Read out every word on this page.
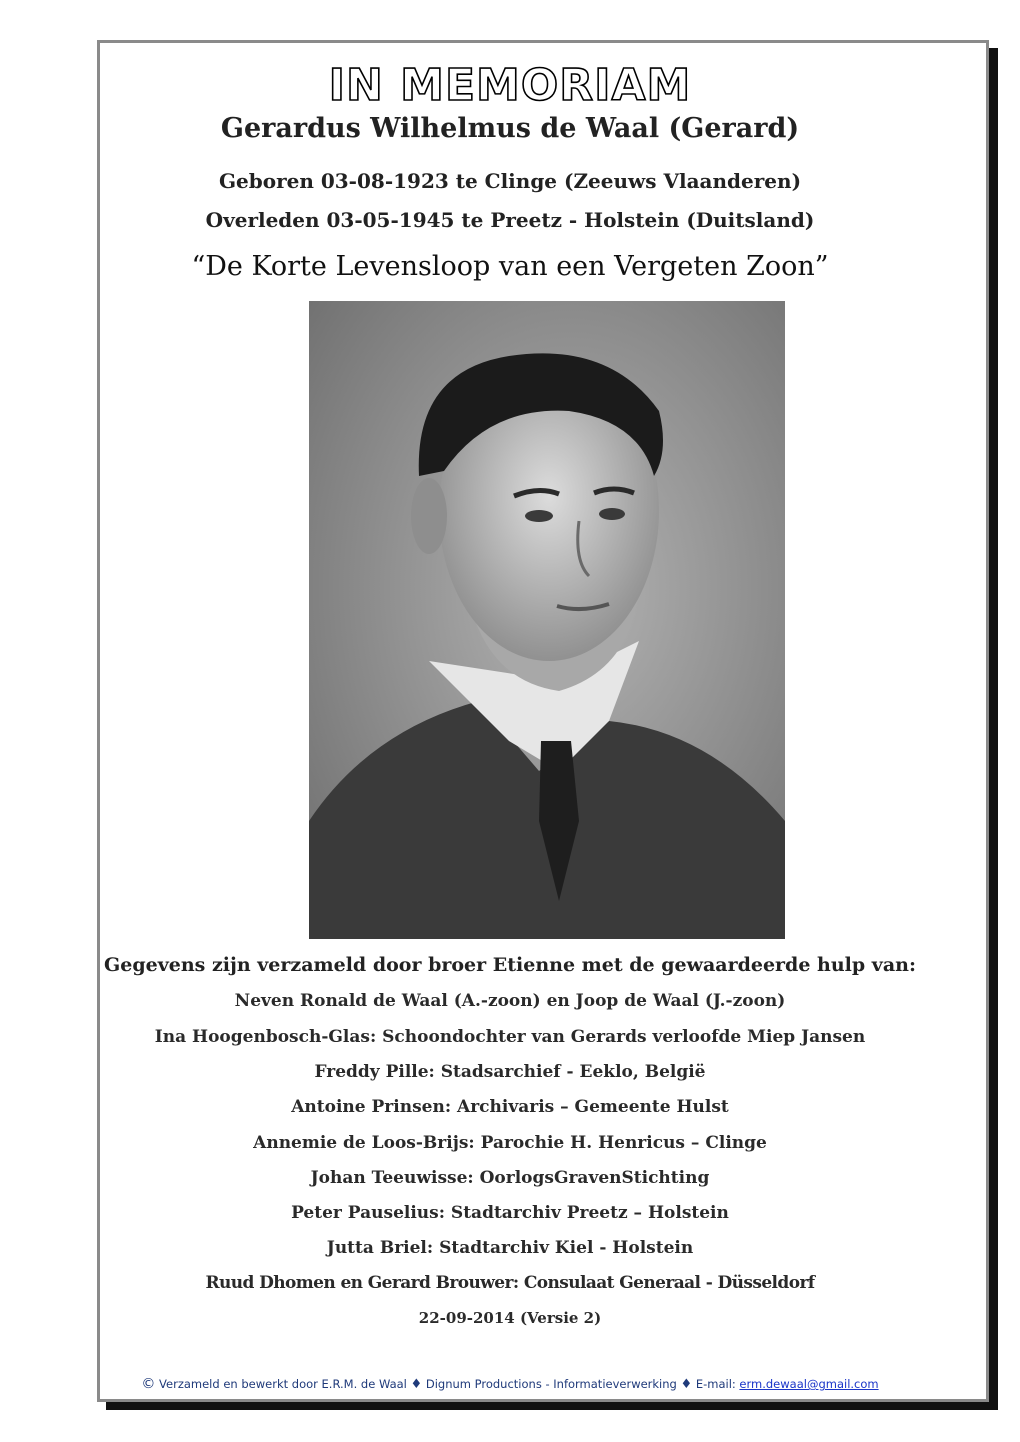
IN MEMORIAM
Gerardus Wilhelmus de Waal (Gerard)
Geboren 03-08-1923 te Clinge (Zeeuws Vlaanderen)
Overleden 03-05-1945 te Preetz - Holstein (Duitsland)
“De Korte Levensloop van een Vergeten Zoon”
Gegevens zijn verzameld door broer Etienne met de gewaardeerde hulp van:
Neven Ronald de Waal (A.-zoon) en Joop de Waal (J.-zoon)
Ina Hoogenbosch-Glas: Schoondochter van Gerards verloofde Miep Jansen
Freddy Pille: Stadsarchief - Eeklo, België
Antoine Prinsen: Archivaris – Gemeente Hulst
Annemie de Loos-Brijs: Parochie H. Henricus – Clinge
Johan Teeuwisse: OorlogsGravenStichting
Peter Pauselius: Stadtarchiv Preetz – Holstein
Jutta Briel: Stadtarchiv Kiel - Holstein
Ruud Dhomen en Gerard Brouwer: Consulaat Generaal - Düsseldorf
22-09-2014 (Versie 2)
© Verzameld en bewerkt door E.R.M. de Waal ♦ Dignum Productions - Informatieverwerking ♦ E-mail: erm.dewaal@gmail.com
